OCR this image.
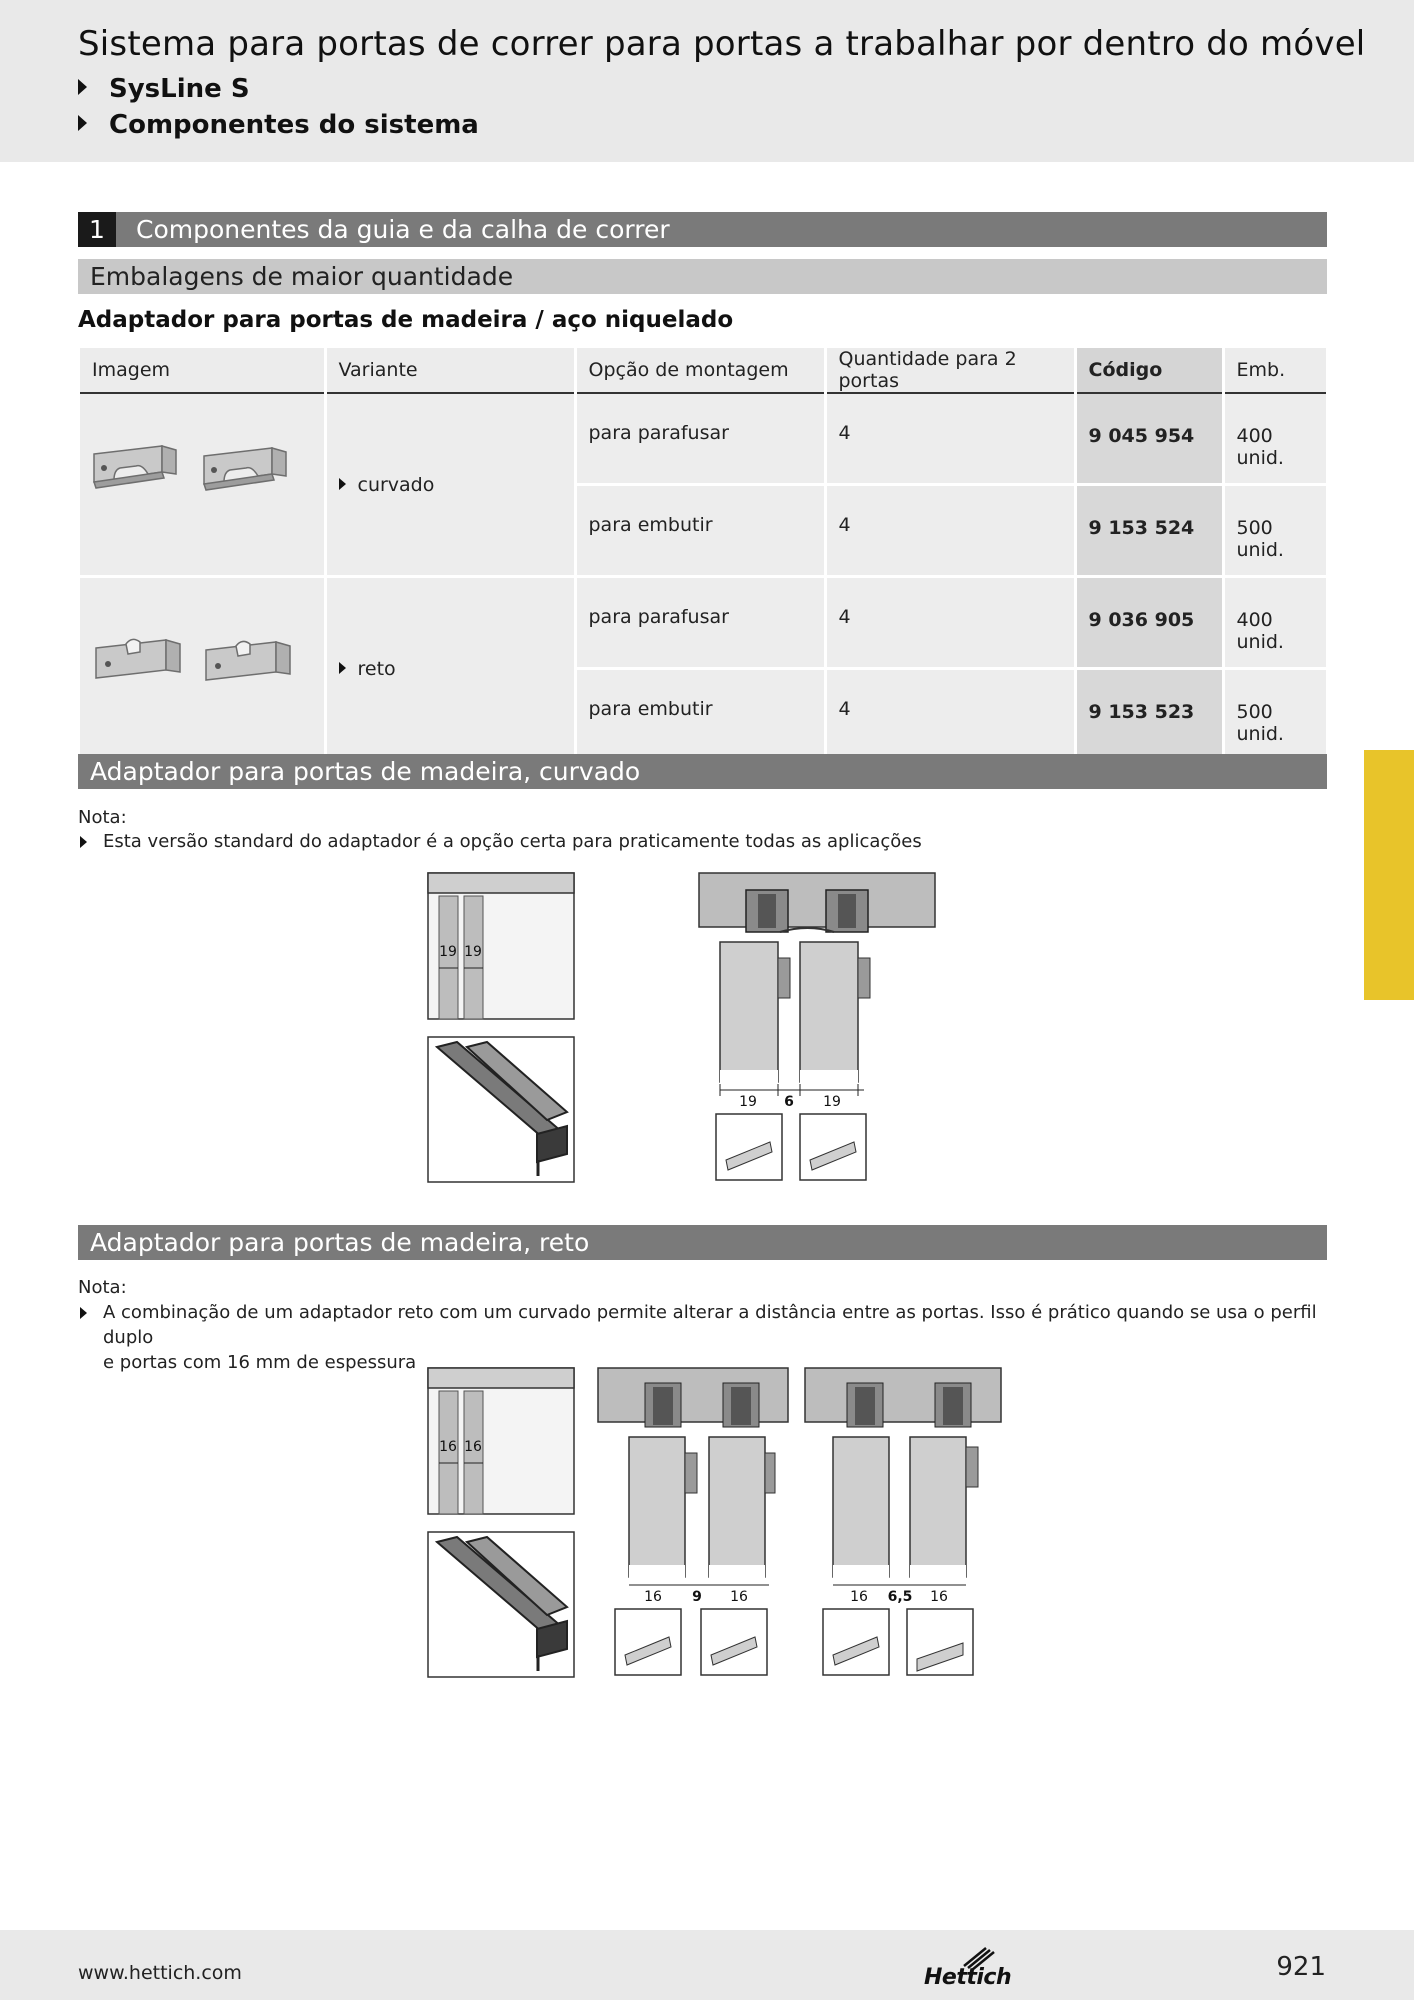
Sistema para portas de correr para portas a trabalhar por dentro do móvel
SysLine S
Componentes do sistema
1	Componentes da guia e da calha de correr
Embalagens de maior quantidade
Adaptador para portas de madeira / aço niquelado
Imagem	Variante	Opção de montagem	Quantidade para 2 portas	Código	Emb.
	curvado	para parafusar	4	9 045 954	400 unid.
		para embutir	4	9 153 524	500 unid.
	reto	para parafusar	4	9 036 905	400 unid.
		para embutir	4	9 153 523	500 unid.
Adaptador para portas de madeira, curvado
Nota:
Esta versão standard do adaptador é a opção certa para praticamente todas as aplicações
19 19
19 6 19
Adaptador para portas de madeira, reto
Nota:
A combinação de um adaptador reto com um curvado permite alterar a distância entre as portas. Isso é prático quando se usa o perfil duplo
e portas com 16 mm de espessura
16 16
16 9 16	16 6,5 16
www.hettich.com	Hettich	921
